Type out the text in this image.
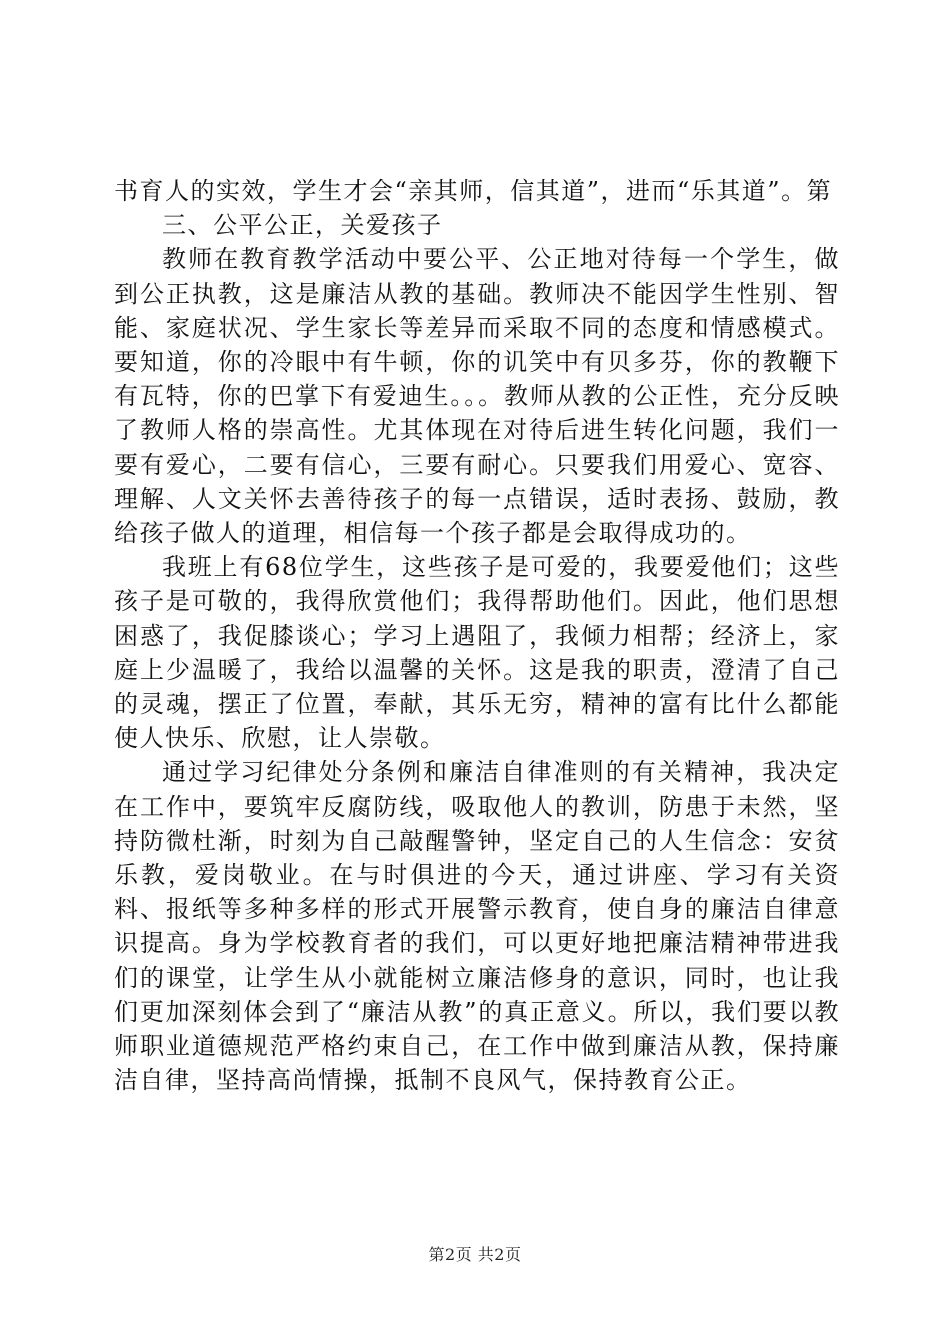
书育人的实效，学生才会“亲其师，信其道”，进而“乐其道”。第

三、公平公正，关爱孩子

教师在教育教学活动中要公平、公正地对待每一个学生，做到公正执教，这是廉洁从教的基础。教师决不能因学生性别、智能、家庭状况、学生家长等差异而采取不同的态度和情感模式。要知道，你的冷眼中有牛顿，你的讥笑中有贝多芬，你的教鞭下有瓦特，你的巴掌下有爱迪生。。。教师从教的公正性，充分反映了教师人格的崇高性。尤其体现在对待后进生转化问题，我们一要有爱心，二要有信心，三要有耐心。只要我们用爱心、宽容、理解、人文关怀去善待孩子的每一点错误，适时表扬、鼓励，教给孩子做人的道理，相信每一个孩子都是会取得成功的。

我班上有68位学生，这些孩子是可爱的，我要爱他们；这些孩子是可敬的，我得欣赏他们；我得帮助他们。因此，他们思想困惑了，我促膝谈心；学习上遇阻了，我倾力相帮；经济上，家庭上少温暖了，我给以温馨的关怀。这是我的职责，澄清了自己的灵魂，摆正了位置，奉献，其乐无穷，精神的富有比什么都能使人快乐、欣慰，让人崇敬。

通过学习纪律处分条例和廉洁自律准则的有关精神，我决定在工作中，要筑牢反腐防线，吸取他人的教训，防患于未然，坚持防微杜渐，时刻为自己敲醒警钟，坚定自己的人生信念：安贫乐教，爱岗敬业。在与时俱进的今天，通过讲座、学习有关资料、报纸等多种多样的形式开展警示教育，使自身的廉洁自律意识提高。身为学校教育者的我们，可以更好地把廉洁精神带进我们的课堂，让学生从小就能树立廉洁修身的意识，同时，也让我们更加深刻体会到了“廉洁从教”的真正意义。所以，我们要以教师职业道德规范严格约束自己，在工作中做到廉洁从教，保持廉洁自律，坚持高尚情操，抵制不良风气，保持教育公正。

第2页 共2页
